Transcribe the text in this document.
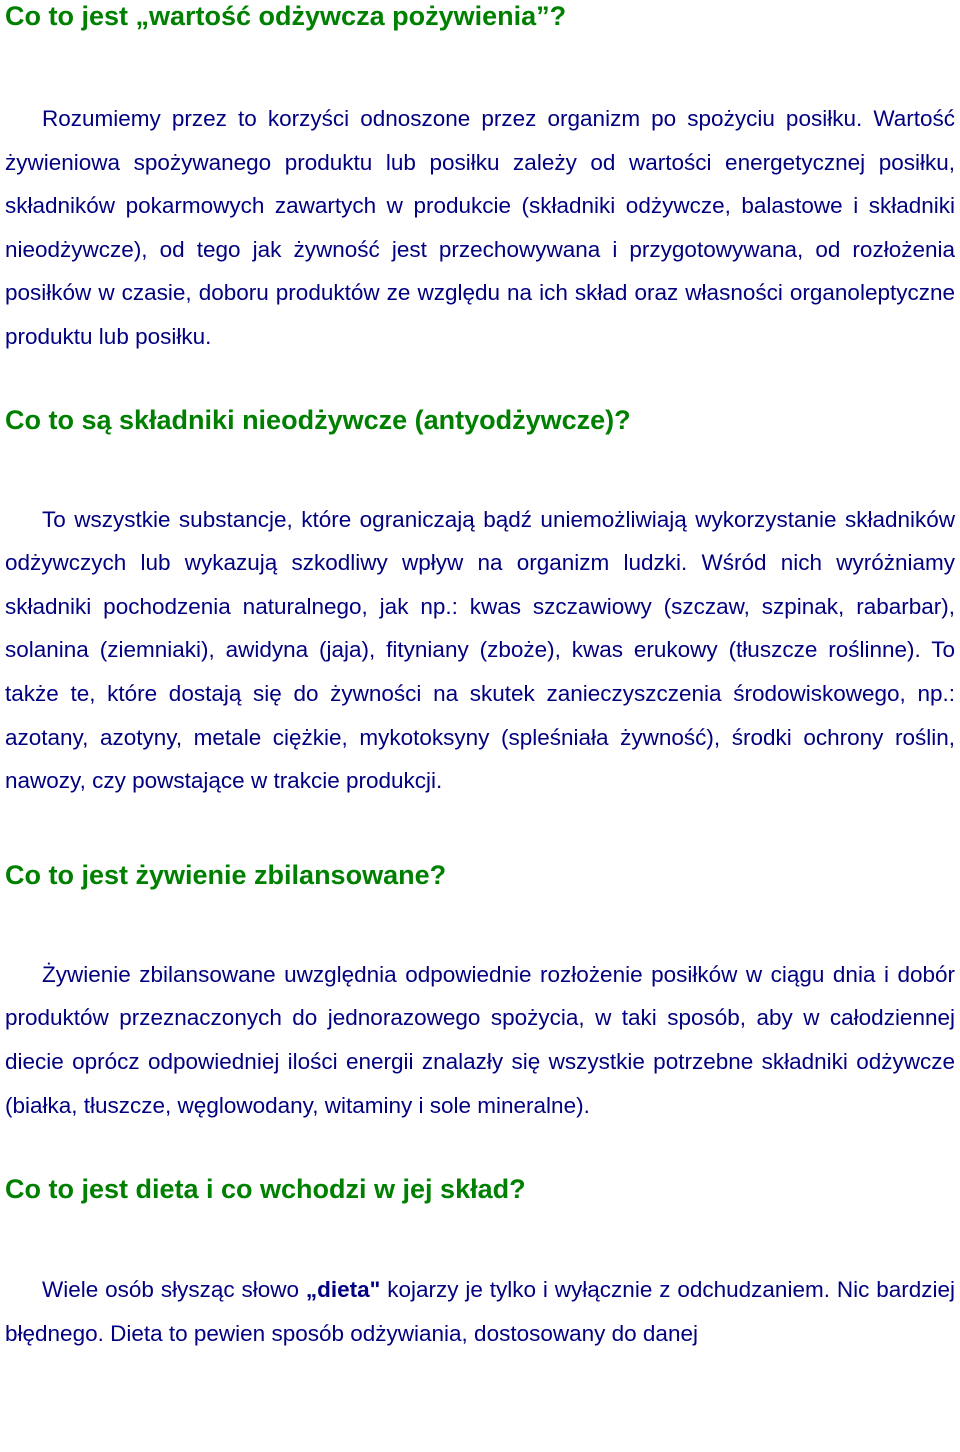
Co to jest „wartość odżywcza pożywienia”?

Rozumiemy przez to korzyści odnoszone przez organizm po spożyciu posiłku. Wartość żywieniowa spożywanego produktu lub posiłku zależy od wartości energetycznej posiłku, składników pokarmowych zawartych w produkcie (składniki odżywcze, balastowe i składniki nieodżywcze), od tego jak żywność jest przechowywana i przygotowywana, od rozłożenia posiłków w czasie, doboru produktów ze względu na ich skład oraz własności organoleptyczne produktu lub posiłku.

Co to są składniki nieodżywcze (antyodżywcze)?

To wszystkie substancje, które ograniczają bądź uniemożliwiają wykorzystanie składników odżywczych lub wykazują szkodliwy wpływ na organizm ludzki. Wśród nich wyróżniamy składniki pochodzenia naturalnego, jak np.: kwas szczawiowy (szczaw, szpinak, rabarbar), solanina (ziemniaki), awidyna (jaja), fityniany (zboże), kwas erukowy (tłuszcze roślinne). To także te, które dostają się do żywności na skutek zanieczyszczenia środowiskowego, np.: azotany, azotyny, metale ciężkie, mykotoksyny (spleśniała żywność), środki ochrony roślin, nawozy, czy powstające w trakcie produkcji.

Co to jest żywienie zbilansowane?

Żywienie zbilansowane uwzględnia odpowiednie rozłożenie posiłków w ciągu dnia i dobór produktów przeznaczonych do jednorazowego spożycia, w taki sposób, aby w całodziennej diecie oprócz odpowiedniej ilości energii znalazły się wszystkie potrzebne składniki odżywcze (białka, tłuszcze, węglowodany, witaminy i sole mineralne).

Co to jest dieta i co wchodzi w jej skład?

Wiele osób słysząc słowo „dieta" kojarzy je tylko i wyłącznie z odchudzaniem. Nic bardziej błędnego. Dieta to pewien sposób odżywiania, dostosowany do danej
